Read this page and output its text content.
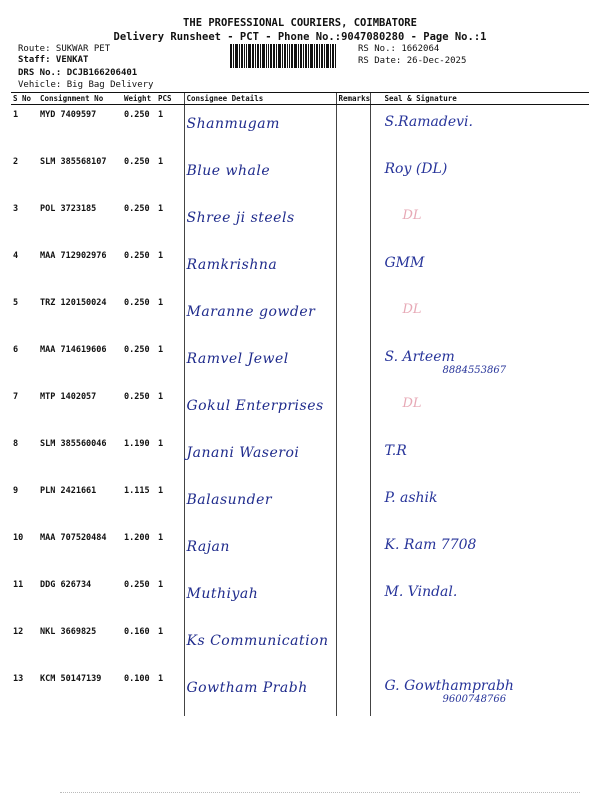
THE PROFESSIONAL COURIERS, COIMBATORE
Delivery Runsheet - PCT - Phone No.:9047080280 - Page No.:1
Route: SUKWAR PET
Staff: VENKAT
DRS No.: DCJB166206401
Vehicle: Big Bag Delivery
RS No.: 1662064
RS Date: 26-Dec-2025
S No	Consignment No	Weight	PCS	Consignee Details	Remarks	Seal & Signature
1	MYD 7409597	0.250	1	Shanmugam		S.Ramadevi.
2	SLM 385568107	0.250	1	Blue whale		Roy (DL)
3	POL 3723185	0.250	1	Shree ji steels		DL
4	MAA 712902976	0.250	1	Ramkrishna		GMM
5	TRZ 120150024	0.250	1	Maranne gowder		DL
6	MAA 714619606	0.250	1	Ramvel Jewel		S. Arteem
8884553867

7	MTP 1402057	0.250	1	Gokul Enterprises		DL
8	SLM 385560046	1.190	1	Janani Waseroi		T.R
9	PLN 2421661	1.115	1	Balasunder		P. ashik
10	MAA 707520484	1.200	1	Rajan		K. Ram 7708
11	DDG 626734	0.250	1	Muthiyah		M. Vindal.
12	NKL 3669825	0.160	1	Ks Communication		
13	KCM 50147139	0.100	1	Gowtham Prabh		G. Gowthamprabh
9600748766
